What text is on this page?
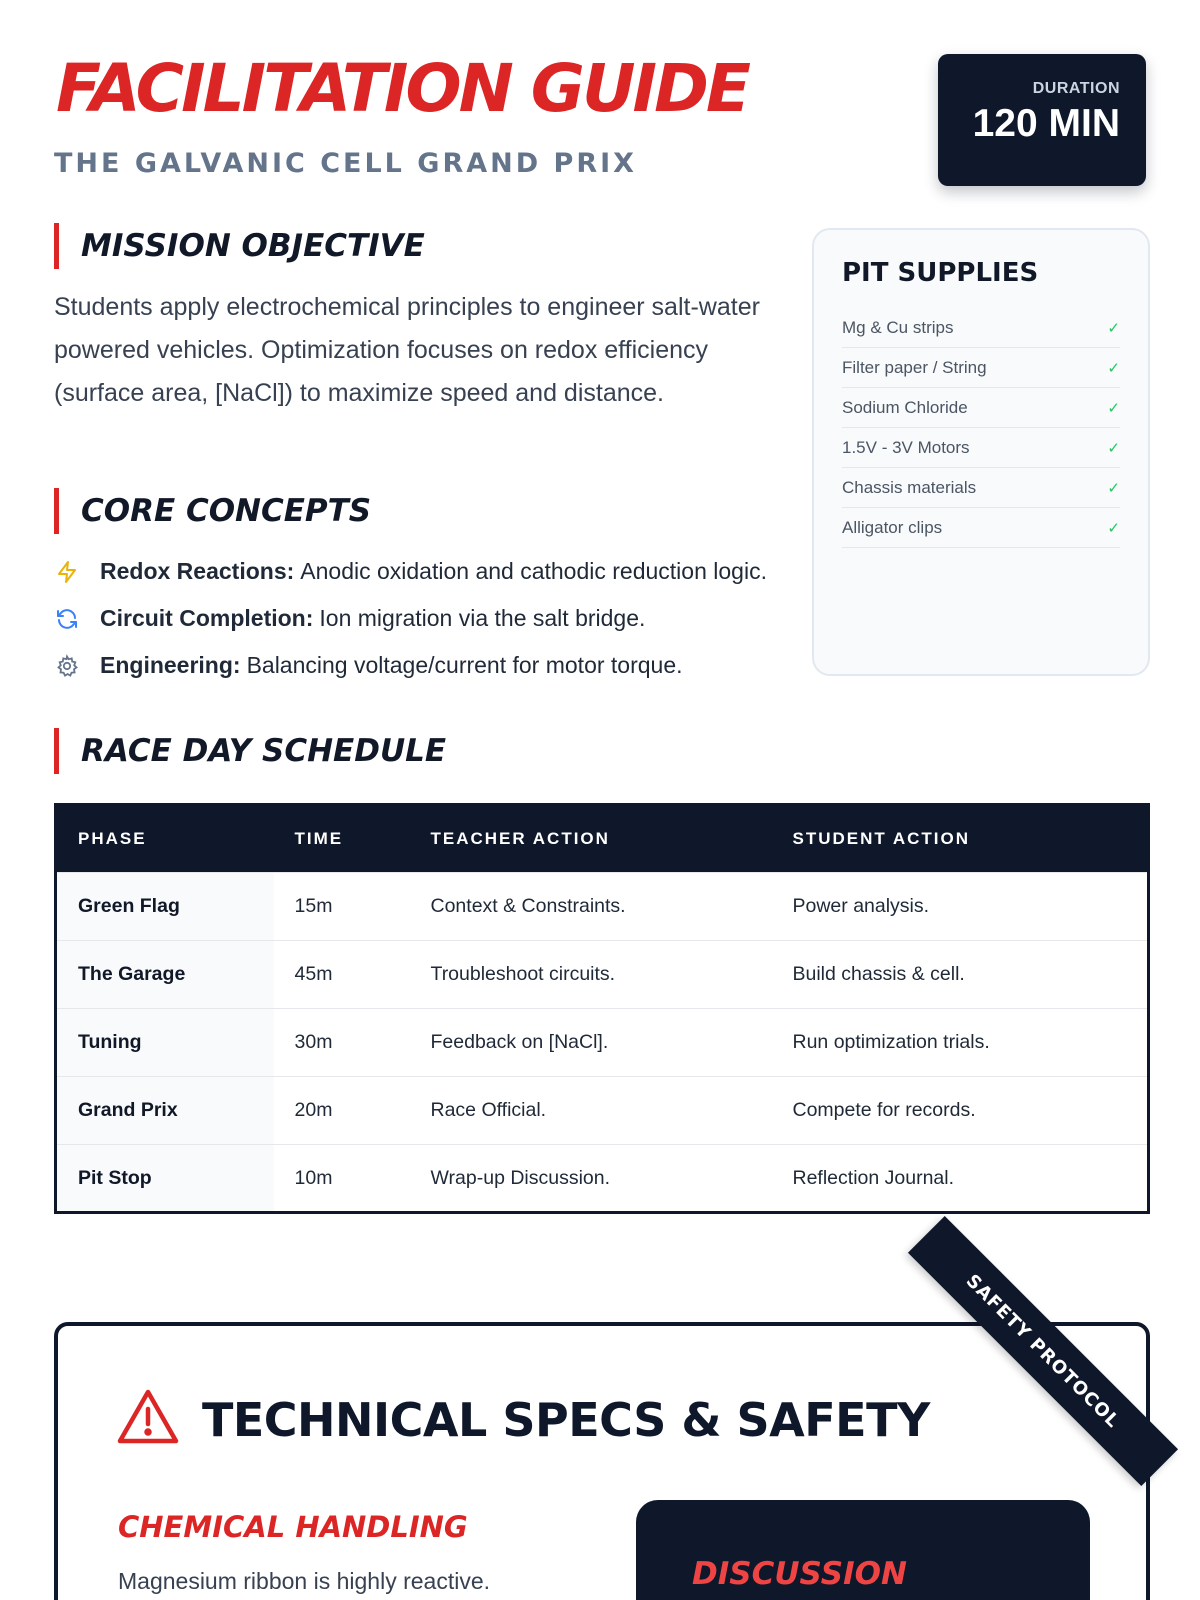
FACILITATION GUIDE
THE GALVANIC CELL GRAND PRIX
DURATION
120 MIN
MISSION OBJECTIVE

Students apply electrochemical principles to engineer salt-water powered vehicles. Optimization focuses on redox efficiency (surface area, [NaCl]) to maximize speed and distance.

CORE CONCEPTS
Redox Reactions: Anodic oxidation and cathodic reduction logic.
Circuit Completion: Ion migration via the salt bridge.
Engineering: Balancing voltage/current for motor torque.
PIT SUPPLIES
Mg & Cu strips	✓
Filter paper / String	✓
Sodium Chloride	✓
1.5V - 3V Motors	✓
Chassis materials	✓
Alligator clips	✓
RACE DAY SCHEDULE
PHASE	TIME	TEACHER ACTION	STUDENT ACTION
Green Flag	15m	Context & Constraints.	Power analysis.
The Garage	45m	Troubleshoot circuits.	Build chassis & cell.
Tuning	30m	Feedback on [NaCl].	Run optimization trials.
Grand Prix	20m	Race Official.	Compete for records.
Pit Stop	10m	Wrap-up Discussion.	Reflection Journal.
TECHNICAL SPECS & SAFETY
CHEMICAL HANDLING
Magnesium ribbon is highly reactive.	DISCUSSION
SAFETY PROTOCOL
